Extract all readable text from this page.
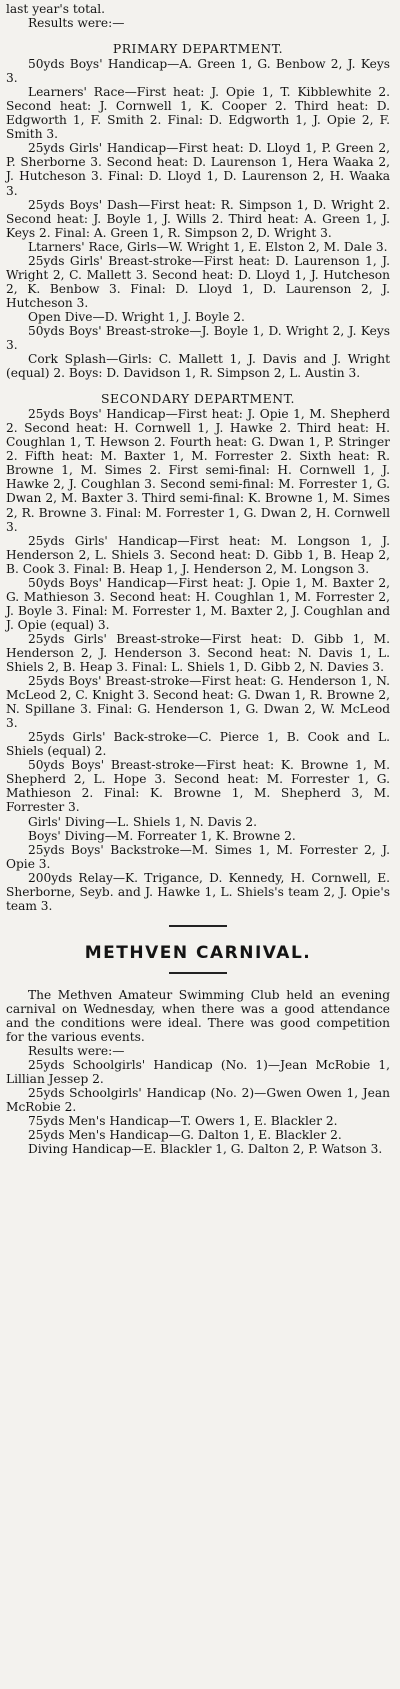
last year's total.

Results were:—

PRIMARY DEPARTMENT.

50yds Boys' Handicap—A. Green 1, G. Benbow 2, J. Keys 3.

Learners' Race—First heat: J. Opie 1, T. Kibblewhite 2. Second heat: J. Cornwell 1, K. Cooper 2. Third heat: D. Edgworth 1, F. Smith 2. Final: D. Edgworth 1, J. Opie 2, F. Smith 3.

25yds Girls' Handicap—First heat: D. Lloyd 1, P. Green 2, P. Sherborne 3. Second heat: D. Laurenson 1, Hera Waaka 2, J. Hutcheson 3. Final: D. Lloyd 1, D. Laurenson 2, H. Waaka 3.

25yds Boys' Dash—First heat: R. Simpson 1, D. Wright 2. Second heat: J. Boyle 1, J. Wills 2. Third heat: A. Green 1, J. Keys 2. Final: A. Green 1, R. Simpson 2, D. Wright 3.

Ltarners' Race, Girls—W. Wright 1, E. Elston 2, M. Dale 3.

25yds Girls' Breast-stroke—First heat: D. Laurenson 1, J. Wright 2, C. Mallett 3. Second heat: D. Lloyd 1, J. Hutcheson 2, K. Benbow 3. Final: D. Lloyd 1, D. Laurenson 2, J. Hutcheson 3.

Open Dive—D. Wright 1, J. Boyle 2.

50yds Boys' Breast-stroke—J. Boyle 1, D. Wright 2, J. Keys 3.

Cork Splash—Girls: C. Mallett 1, J. Davis and J. Wright (equal) 2. Boys: D. Davidson 1, R. Simpson 2, L. Austin 3.

SECONDARY DEPARTMENT.

25yds Boys' Handicap—First heat: J. Opie 1, M. Shepherd 2. Second heat: H. Cornwell 1, J. Hawke 2. Third heat: H. Coughlan 1, T. Hewson 2. Fourth heat: G. Dwan 1, P. Stringer 2. Fifth heat: M. Baxter 1, M. Forrester 2. Sixth heat: R. Browne 1, M. Simes 2. First semi-final: H. Cornwell 1, J. Hawke 2, J. Coughlan 3. Second semi-final: M. Forrester 1, G. Dwan 2, M. Baxter 3. Third semi-final: K. Browne 1, M. Simes 2, R. Browne 3. Final: M. Forrester 1, G. Dwan 2, H. Cornwell 3.

25yds Girls' Handicap—First heat: M. Longson 1, J. Henderson 2, L. Shiels 3. Second heat: D. Gibb 1, B. Heap 2, B. Cook 3. Final: B. Heap 1, J. Henderson 2, M. Longson 3.

50yds Boys' Handicap—First heat: J. Opie 1, M. Baxter 2, G. Mathieson 3. Second heat: H. Coughlan 1, M. Forrester 2, J. Boyle 3. Final: M. Forrester 1, M. Baxter 2, J. Coughlan and J. Opie (equal) 3.

25yds Girls' Breast-stroke—First heat: D. Gibb 1, M. Henderson 2, J. Henderson 3. Second heat: N. Davis 1, L. Shiels 2, B. Heap 3. Final: L. Shiels 1, D. Gibb 2, N. Davies 3.

25yds Boys' Breast-stroke—First heat: G. Henderson 1, N. McLeod 2, C. Knight 3. Second heat: G. Dwan 1, R. Browne 2, N. Spillane 3. Final: G. Henderson 1, G. Dwan 2, W. McLeod 3.

25yds Girls' Back-stroke—C. Pierce 1, B. Cook and L. Shiels (equal) 2.

50yds Boys' Breast-stroke—First heat: K. Browne 1, M. Shepherd 2, L. Hope 3. Second heat: M. Forrester 1, G. Mathieson 2. Final: K. Browne 1, M. Shepherd 3, M. Forrester 3.

Girls' Diving—L. Shiels 1, N. Davis 2.

Boys' Diving—M. Forreater 1, K. Browne 2.

25yds Boys' Backstroke—M. Simes 1, M. Forrester 2, J. Opie 3.

200yds Relay—K. Trigance, D. Kennedy, H. Cornwell, E. Sherborne, Seyb. and J. Hawke 1, L. Shiels's team 2, J. Opie's team 3.

METHVEN CARNIVAL.

The Methven Amateur Swimming Club held an evening carnival on Wednesday, when there was a good attendance and the conditions were ideal. There was good competition for the various events.

Results were:—

25yds Schoolgirls' Handicap (No. 1)—Jean McRobie 1, Lillian Jessep 2.

25yds Schoolgirls' Handicap (No. 2)—Gwen Owen 1, Jean McRobie 2.

75yds Men's Handicap—T. Owers 1, E. Blackler 2.

25yds Men's Handicap—G. Dalton 1, E. Blackler 2.

Diving Handicap—E. Blackler 1, G. Dalton 2, P. Watson 3.
